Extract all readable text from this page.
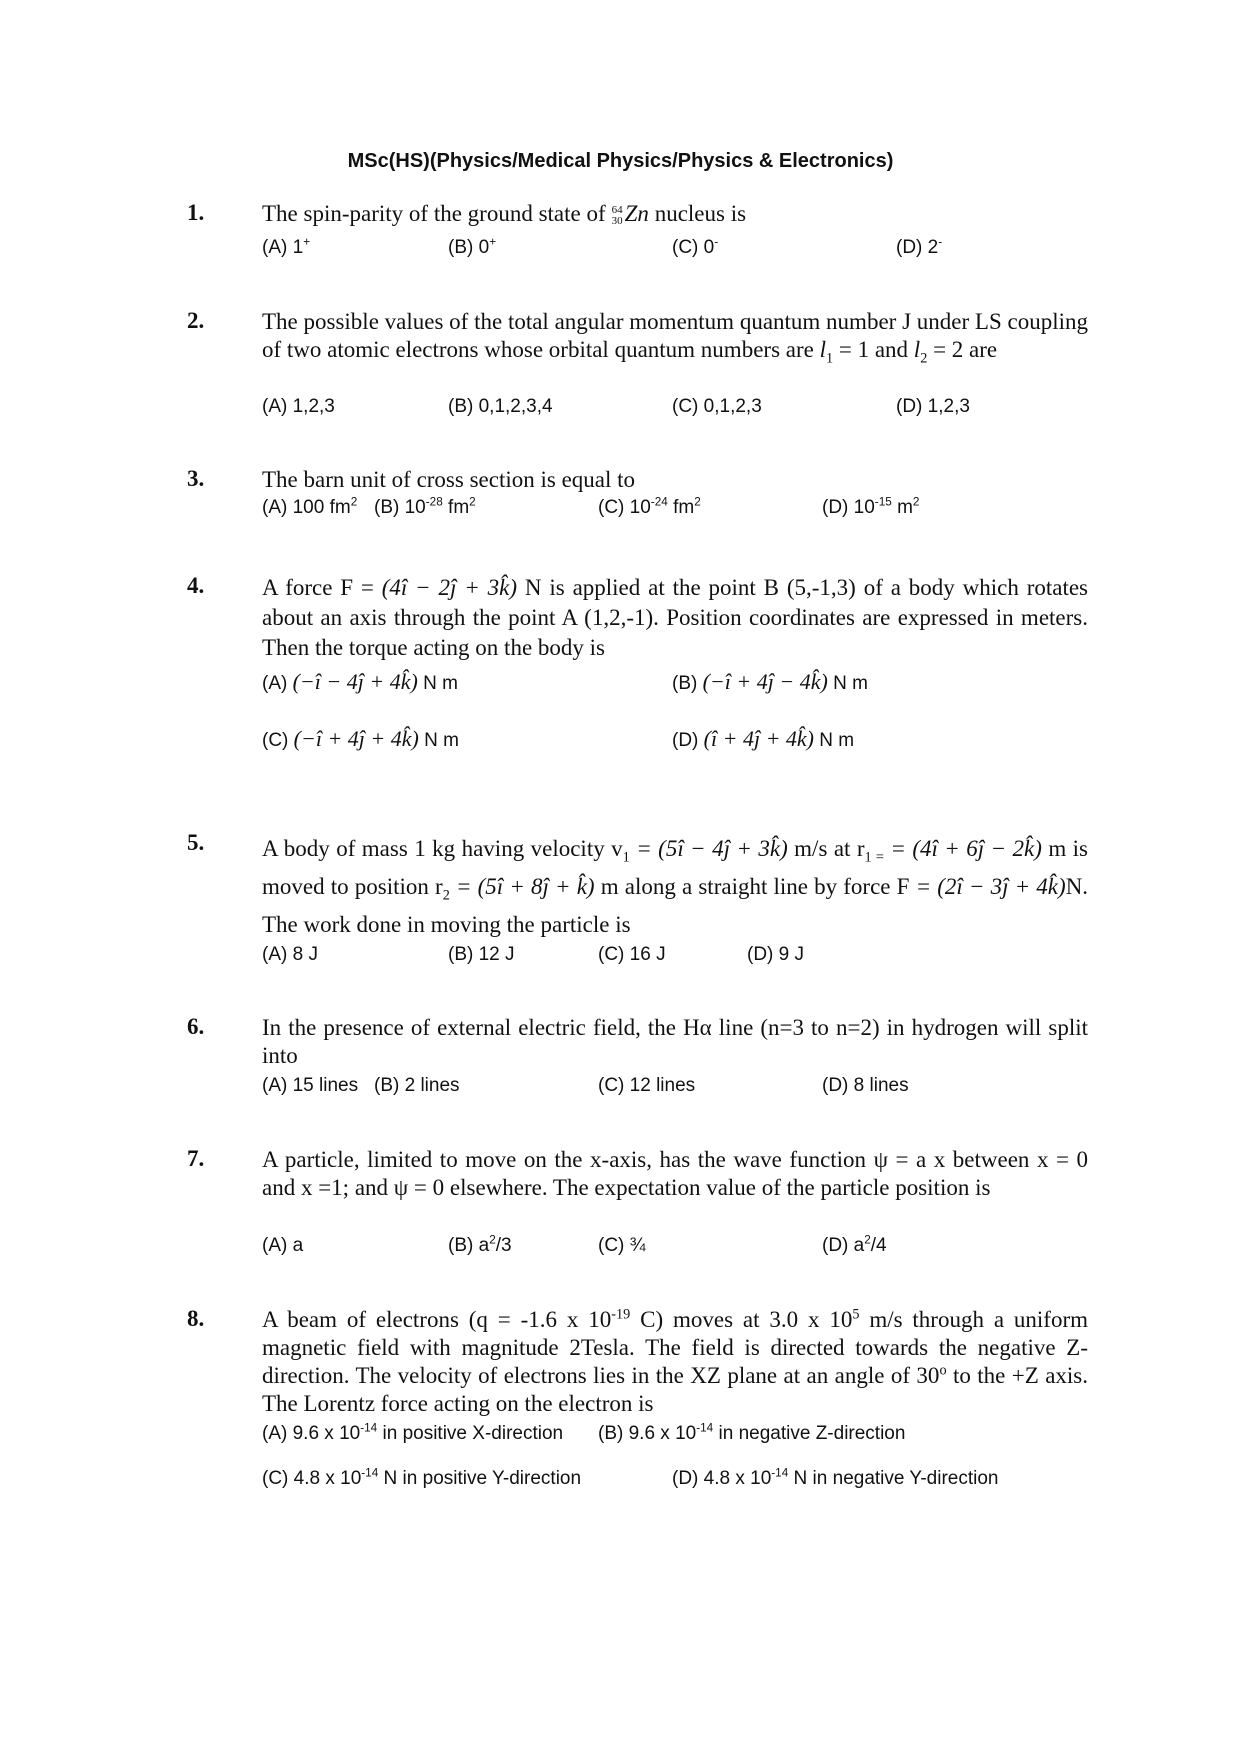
MSc(HS)(Physics/Medical Physics/Physics & Electronics)
1.	The spin-parity of the ground state of 64
30 Zn nucleus is
(A) 1+	(B) 0+	(C) 0-	(D) 2-
2.	The possible values of the total angular momentum quantum number J under LS coupling of two atomic electrons whose orbital quantum numbers are $l_1 = 1$ and $l_2 = 2$ are
(A) 1,2,3	(B) 0,1,2,3,4	(C) 0,1,2,3	(D) 1,2,3
3.	The barn unit of cross section is equal to
(A) 100 $fm^2$ (B) $10^{-28}$ $fm^2$	(C) $10^{-24}$ $fm^2$	(D) $10^{-15}$ $m^2$
4.	A force F = (4î − 2ĵ + 3k̂) N is applied at the point B (5,-1,3) of a body which rotates about an axis through the point A (1,2,-1). Position coordinates are expressed in meters. Then the torque acting on the body is
(A) (−î − 4ĵ + 4k̂) N m	(B) (−î + 4ĵ − 4k̂) N m
(C) (−î + 4ĵ + 4k̂) N m	(D) (î + 4ĵ + 4k̂) N m
5.	A body of mass 1 kg having velocity $v_1$ = (5î − 4ĵ + 3k̂) m/s at $r_{1 =}$ = (4î + 6ĵ − 2k̂) m is moved to position $r_2$ = (5î + 8ĵ + k̂) m along a straight line by force F = (2î − 3ĵ + 4k̂)N. The work done in moving the particle is
(A) 8 J	(B) 12 J	(C) 16 J	(D) 9 J
6.	In the presence of external electric field, the Hα line (n=3 to n=2) in hydrogen will split into
(A) 15 lines (B) 2 lines	(C) 12 lines	(D) 8 lines
7.	A particle, limited to move on the x-axis, has the wave function ψ = a x between x = 0 and x =1; and ψ = 0 elsewhere. The expectation value of the particle position is
(A) a	(B) $a^2/3$	(C) ¾	(D) $a^2/4$
8.	A beam of electrons (q = -1.6 x $10^{-19}$ C) moves at 3.0 x $10^5$ m/s through a uniform magnetic field with magnitude 2Tesla. The field is directed towards the negative Z-direction. The velocity of electrons lies in the XZ plane at an angle of 30$^o$ to the +Z axis. The Lorentz force acting on the electron is
(A) 9.6 x $10^{-14}$ in positive X-direction (B) 9.6 x $10^{-14}$ in negative Z-direction
(C) 4.8 x $10^{-14}$ N in positive Y-direction	(D) 4.8 x $10^{-14}$ N in negative Y-direction
